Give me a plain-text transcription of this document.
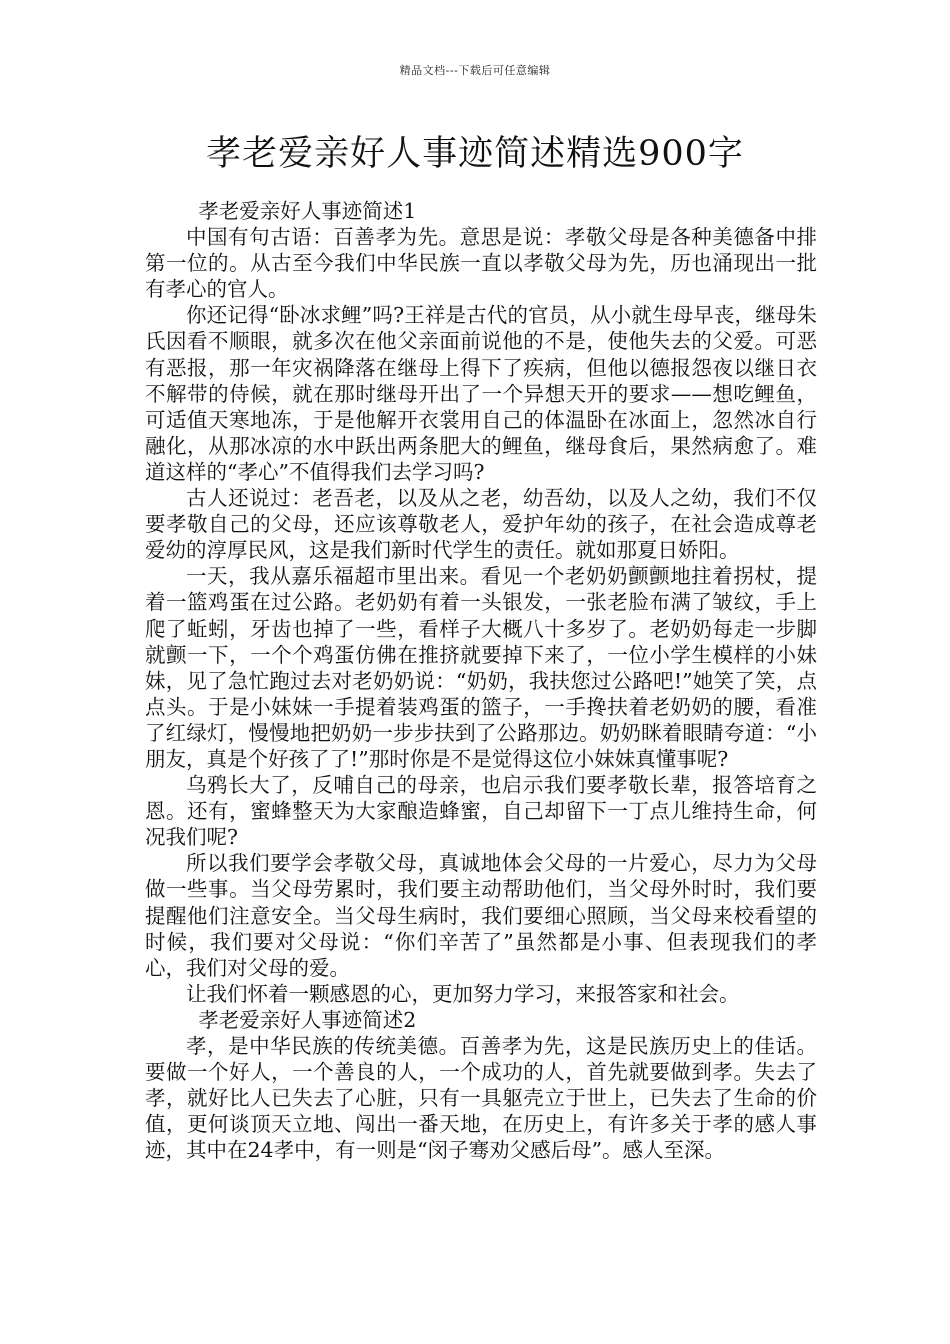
精品文档---下载后可任意编辑
孝老爱亲好人事迹简述精选900字

孝老爱亲好人事迹简述1

中国有句古语：百善孝为先。意思是说：孝敬父母是各种美德备中排第一位的。从古至今我们中华民族一直以孝敬父母为先，历也涌现出一批有孝心的官人。

你还记得“卧冰求鲤”吗?王祥是古代的官员，从小就生母早丧，继母朱氏因看不顺眼，就多次在他父亲面前说他的不是，使他失去的父爱。可恶有恶报，那一年灾祸降落在继母上得下了疾病，但他以德报怨夜以继日衣不解带的侍候，就在那时继母开出了一个异想天开的要求——想吃鲤鱼，可适值天寒地冻，于是他解开衣裳用自己的体温卧在冰面上，忽然冰自行融化，从那冰凉的水中跃出两条肥大的鲤鱼，继母食后，果然病愈了。难道这样的“孝心”不值得我们去学习吗?

古人还说过：老吾老，以及从之老，幼吾幼，以及人之幼，我们不仅要孝敬自己的父母，还应该尊敬老人，爱护年幼的孩子，在社会造成尊老爱幼的淳厚民风，这是我们新时代学生的责任。就如那夏日娇阳。

一天，我从嘉乐福超市里出来。看见一个老奶奶颤颤地拄着拐杖，提着一篮鸡蛋在过公路。老奶奶有着一头银发，一张老脸布满了皱纹，手上爬了蚯蚓，牙齿也掉了一些，看样子大概八十多岁了。老奶奶每走一步脚就颤一下，一个个鸡蛋仿佛在推挤就要掉下来了，一位小学生模样的小妹妹，见了急忙跑过去对老奶奶说：“奶奶，我扶您过公路吧!”她笑了笑，点点头。于是小妹妹一手提着装鸡蛋的篮子，一手搀扶着老奶奶的腰，看准了红绿灯，慢慢地把奶奶一步步扶到了公路那边。奶奶眯着眼睛夸道：“小朋友，真是个好孩了了!”那时你是不是觉得这位小妹妹真懂事呢?

乌鸦长大了，反哺自己的母亲，也启示我们要孝敬长辈，报答培育之恩。还有，蜜蜂整天为大家酿造蜂蜜，自己却留下一丁点儿维持生命，何况我们呢?

所以我们要学会孝敬父母，真诚地体会父母的一片爱心，尽力为父母做一些事。当父母劳累时，我们要主动帮助他们，当父母外时时，我们要提醒他们注意安全。当父母生病时，我们要细心照顾，当父母来校看望的时候，我们要对父母说：“你们辛苦了”虽然都是小事、但表现我们的孝心，我们对父母的爱。

让我们怀着一颗感恩的心，更加努力学习，来报答家和社会。

孝老爱亲好人事迹简述2

孝，是中华民族的传统美德。百善孝为先，这是民族历史上的佳话。要做一个好人，一个善良的人，一个成功的人，首先就要做到孝。失去了孝，就好比人已失去了心脏，只有一具躯壳立于世上，已失去了生命的价值，更何谈顶天立地、闯出一番天地，在历史上，有许多关于孝的感人事迹，其中在24孝中，有一则是“闵子骞劝父感后母”。感人至深。
